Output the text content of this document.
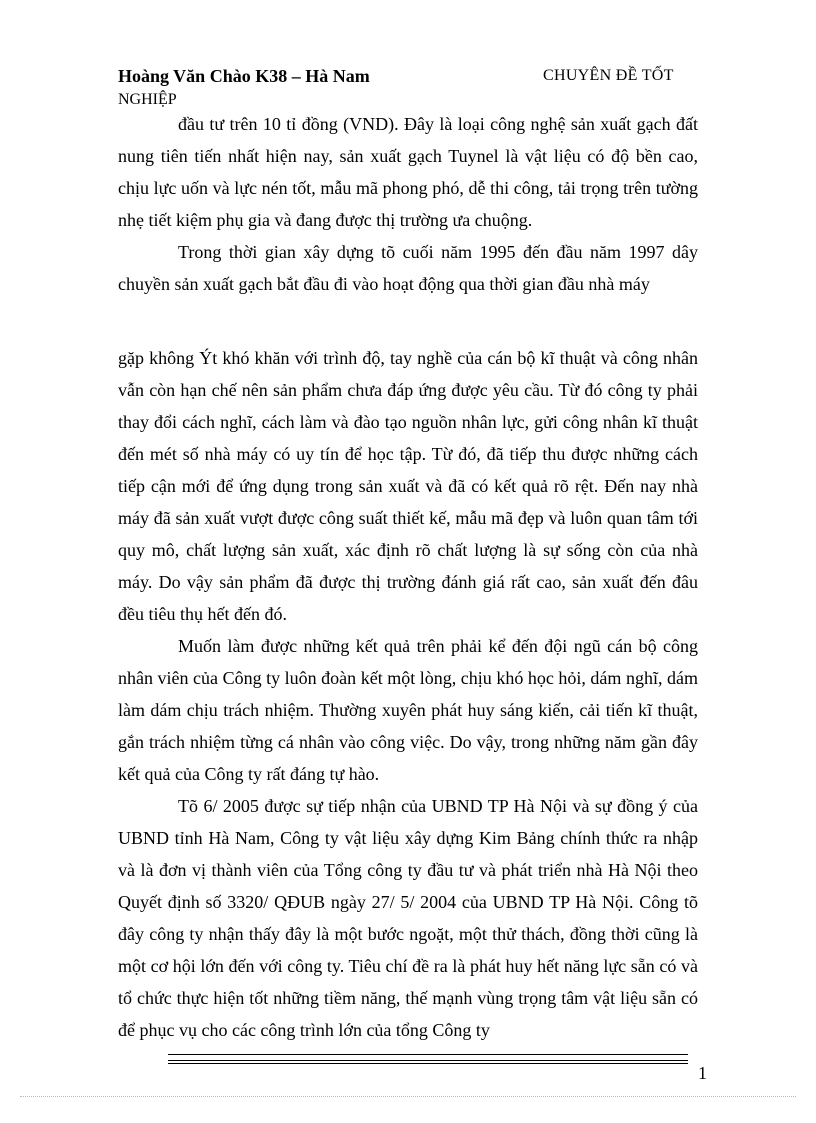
Hoàng Văn Chào K38 – Hà Nam	CHUYÊN ĐỀ TỐT
NGHIỆP

đầu tư trên 10 tỉ đồng (VND). Đây là loại công nghệ sản xuất gạch đất nung tiên tiến nhất hiện nay, sản xuất gạch Tuynel là vật liệu có độ bền cao, chịu lực uốn và lực nén tốt, mẫu mã phong phó, dễ thi công, tải trọng trên tường nhẹ tiết kiệm phụ gia và đang được thị trường ưa chuộng.

Trong thời gian xây dựng tõ cuối năm 1995 đến đầu năm 1997 dây chuyền sản xuất gạch bắt đầu đi vào hoạt động qua thời gian đầu nhà máy

gặp không Ýt khó khăn với trình độ, tay nghề của cán bộ kĩ thuật và công nhân vẫn còn hạn chế nên sản phẩm chưa đáp ứng được yêu cầu. Từ đó công ty phải thay đổi cách nghĩ, cách làm và đào tạo nguồn nhân lực, gửi công nhân kĩ thuật đến mét số nhà máy có uy tín để học tập. Từ đó, đã tiếp thu được những cách tiếp cận mới để ứng dụng trong sản xuất và đã có kết quả rõ rệt. Đến nay nhà máy đã sản xuất vượt được công suất thiết kế, mẫu mã đẹp và luôn quan tâm tới quy mô, chất lượng sản xuất, xác định rõ chất lượng là sự sống còn của nhà máy. Do vậy sản phẩm đã được thị trường đánh giá rất cao, sản xuất đến đâu đều tiêu thụ hết đến đó.

Muốn làm được những kết quả trên phải kể đến đội ngũ cán bộ công nhân viên của Công ty luôn đoàn kết một lòng, chịu khó học hỏi, dám nghĩ, dám làm dám chịu trách nhiệm. Thường xuyên phát huy sáng kiến, cải tiến kĩ thuật, gắn trách nhiệm từng cá nhân vào công việc. Do vậy, trong những năm gần đây kết quả của Công ty rất đáng tự hào.

Tõ 6/ 2005 được sự tiếp nhận của UBND TP Hà Nội và sự đồng ý của UBND tỉnh Hà Nam, Công ty vật liệu xây dựng Kim Bảng chính thức ra nhập và là đơn vị thành viên của Tổng công ty đầu tư và phát triển nhà Hà Nội theo Quyết định số 3320/ QĐUB ngày 27/ 5/ 2004 của UBND TP Hà Nội. Công tõ đây công ty nhận thấy đây là một bước ngoặt, một thử thách, đồng thời cũng là một cơ hội lớn đến với công ty. Tiêu chí đề ra là phát huy hết năng lực sẵn có và tổ chức thực hiện tốt những tiềm năng, thế mạnh vùng trọng tâm vật liệu sẵn có để phục vụ cho các công trình lớn của tổng Công ty

1
